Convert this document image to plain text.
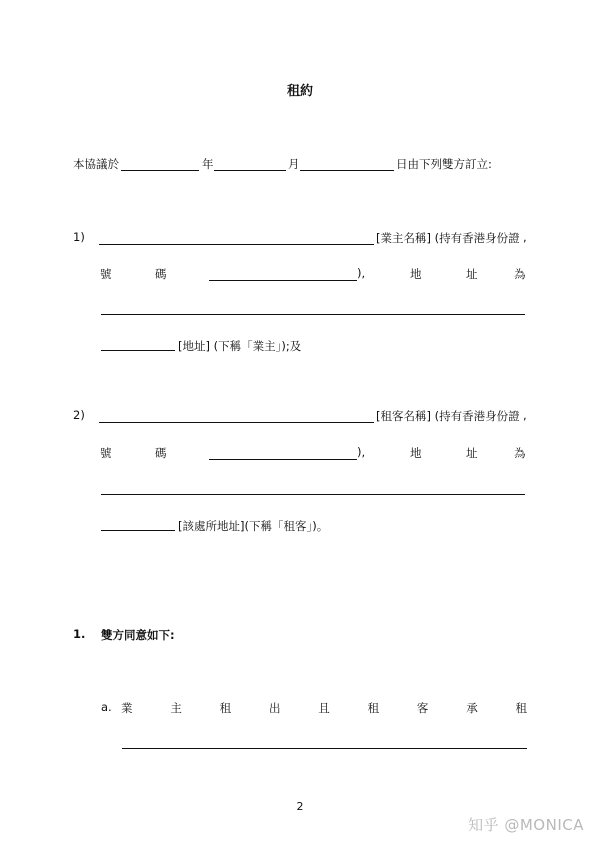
租約
本協議於	年	月	日由下列雙方訂立:
1)	[業主名稱] (持有香港身份證 ,
號	碼	),	地	址	為
[地址] (下稱「業主」);及
2)	[租客名稱] (持有香港身份證 ,
號	碼	),	地	址	為
[該處所地址](下稱「租客」)。
1. 雙方同意如下:
a. 業	主	租	出	且	租	客	承	租
2
知乎 @MONICA
